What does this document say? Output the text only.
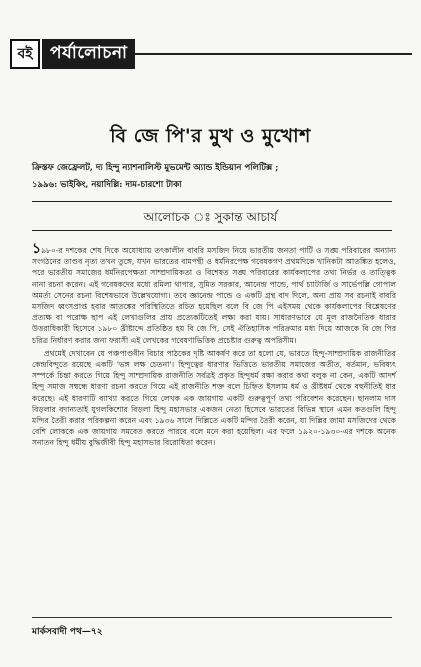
বই	পর্যালোচনা
বি জে পি'র মুখ ও মুখোশ
ক্রিস্তফ জেফ্রেলট, দ্য হিন্দু ন্যাশনালিস্ট মুভমেন্ট অ্যান্ড ইন্ডিয়ান পলিটিক্স ;
১৯৯৬: ভাইকিং, নয়াদিল্লি: দাম-চারশো টাকা
আলোচক ঃ সুকান্ত আচার্য

১৯৮০-র দশকের শেষ দিকে অযোধ্যায় তৎকালীন বাবরি মসজিদ নিয়ে ভারতীয় জনতা পার্টি ও সঙ্ঘ পরিবারের অন্যান্য সংগঠনের তাণ্ডব নৃত্য তখন তুঙ্গে, যখন ভারতের বামপন্থী ও ধর্মনিরপেক্ষ গবেষকগণ প্রথমদিকে খানিকটা আতঙ্কিত হলেও, পরে ভারতীয় সমাজের ধর্মনিরপেক্ষতা সাম্প্রদায়িকতা ও বিশেষত সঙ্ঘ পরিবারের কার্যকলাপের তথ্য নির্ভর ও তাত্ত্বিক নানা রচনা করেন। এই গবেষকদের মধ্যে রমিলা থাপার, সুমিত সরকার, আনেন্দ্র পান্ডে, পার্থ চ্যাটার্জি ও সার্ভেপল্লি গোপাল অমর্ত্য সেনের রচনা বিশেষভাবে উল্লেখযোগ্য। তবে জ্ঞানেন্দ্র পান্ডে ও একটি গ্রন্থ বাদ দিলে, অন্য প্রায় সব রচনাই বাবরি মসজিদ ধ্বংসপ্রাপ্ত হবার আতঙ্কের পরিস্থিতিতে রচিত হয়েছিল বলে বি জে পি এইসময় থেকে কার্যকলাপের বিশ্লেষণের প্রত্যক্ষ বা পরোক্ষ ছাপ এই লেখাগুলির প্রায় প্রত্যেকটিতেই লক্ষ্য করা যায়। সাধারণভাবে যে মূল রাজনৈতিক ধারার উত্তরাধিকারী হিসেবে ১৯৮০ খ্রীষ্টাব্দে প্রতিষ্ঠিত হয় বি জে পি, সেই ঐতিহাসিক পরিক্রমার মধ্য দিয়ে আজকে বি জে পির চরিত্র নির্ধারণ করার জন্য ফরাসী এই লেখকের গবেষণাভিত্তিক প্রচেষ্টার গুরুত্ব অপরিসীম।

প্রথমেই দেখাবেন যে পঞ্চপাণ্ডবীন বিচার পাঠকের দৃষ্টি আকর্ষণ করে তা হলো যে, ভারতে হিন্দু-সাম্প্রদায়িক রাজনীতির কেন্দ্রবিন্দুতে রয়েছে একটি 'ভঙ্গ লক্ষ চেতনা'। হিন্দুত্বের ধারণার ভিত্তিতে ভারতীয় সমাজের অতীত, বর্তমান, ভবিষ্যৎ সম্পর্কে চিন্তা করতে গিয়ে হিন্দু সাম্প্রদায়িক রাজনীতি সর্বত্রই প্রকৃত হিন্দুধর্ম রক্ষা করার কথা বলুক না কেন, একটি আদর্শ হিন্দু সমাজ সম্বন্ধে ধারণা রচনা করতে গিয়ে এই রাজনীতি শক্ত বলে চিহ্নিত ইসলাম ধর্ম ও খ্রীষ্টধর্ম থেকে বহুনীতিই ধার করেছে। এই ধারণাটি ব্যাখ্যা করতে গিয়ে লেখক এক জায়গায় একটি গুরুত্বপূর্ণ তথ্য পরিবেশন করেছেন। ছানলাম দাস বিড়লার বদান্যতাই যুগলকিশোর বিড়লা হিন্দু মহাসভার একজন নেতা হিসেবে ভারতের বিভিন্ন স্থানে এমন কতগুলি হিন্দু মন্দির তৈরী করার পরিকল্পনা করেন এবং ১৯৩৬ সালে দিল্লিতে একটি মন্দির তৈরী করেন, যা দিল্লির জামা মসজিদের থেকে বেশি লোককে এক জায়গায় সমবেত করতে পারবে বলে মনে করা হয়েছিল। এর ফলে ১৯২০-১৯৩০-এর দশকে অনেক সনাতন হিন্দু ধর্মীয় বুদ্ধিজীবী হিন্দু মহাসভার বিরোধিতা করেন।

মার্কসবাদী পথ—৭২
